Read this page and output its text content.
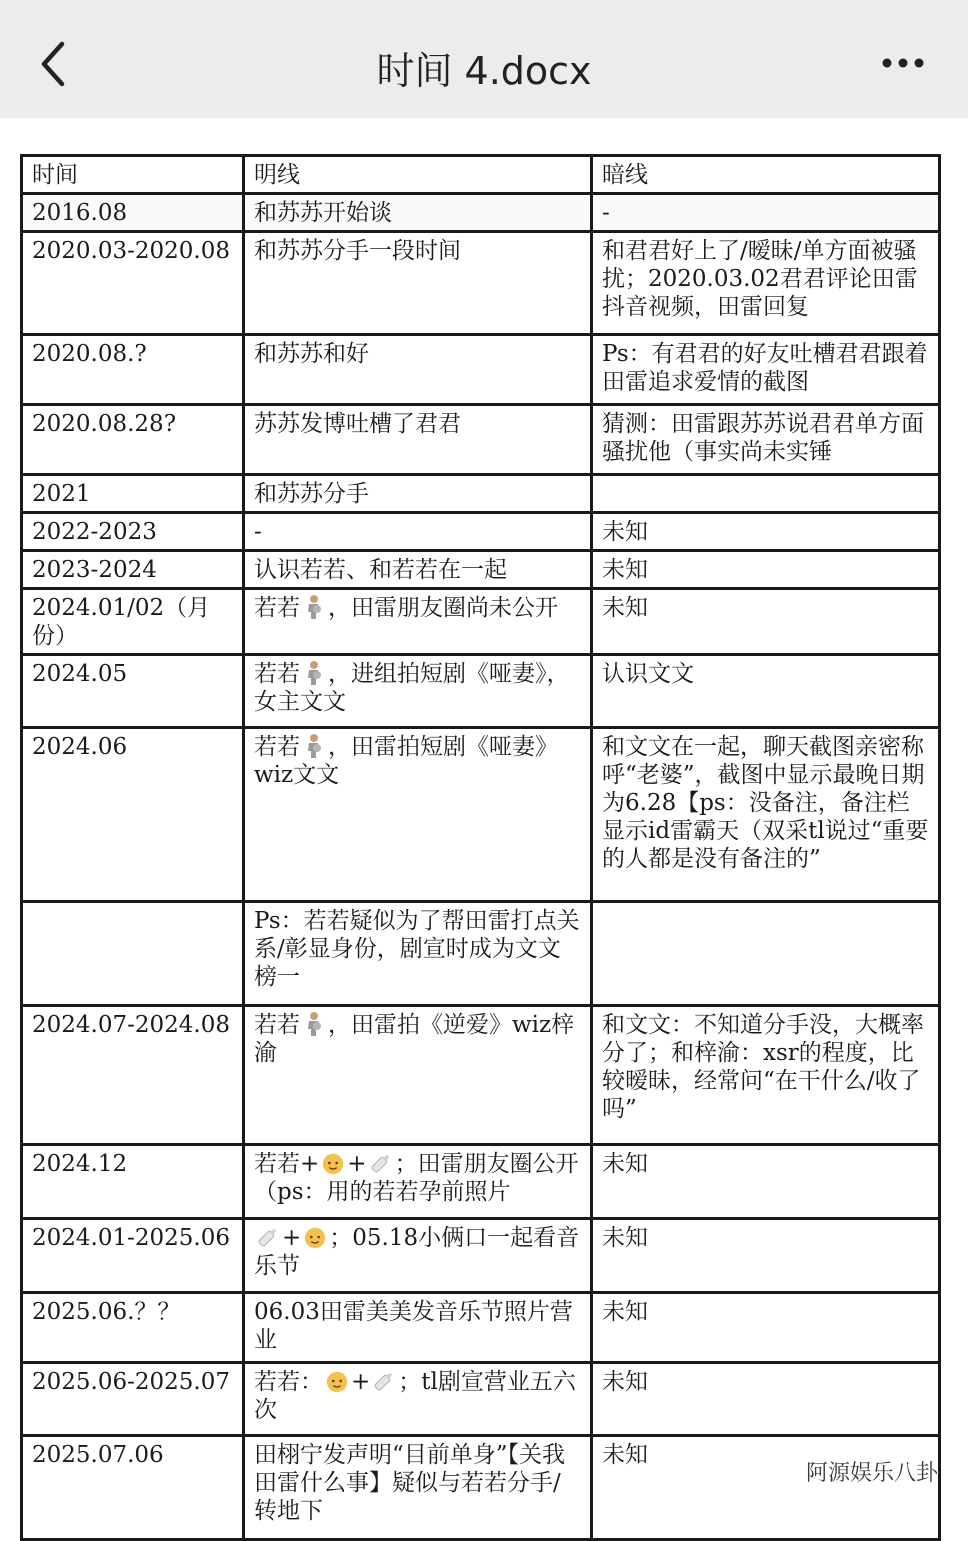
时间 4.docx
时间	明线	暗线
2016.08	和苏苏开始谈	-
2020.03-2020.08	和苏苏分手一段时间	和君君好上了/暧昧/单方面被骚扰；2020.03.02君君评论田雷抖音视频，田雷回复
2020.08.?	和苏苏和好	Ps：有君君的好友吐槽君君跟着田雷追求爱情的截图
2020.08.28?	苏苏发博吐槽了君君	猜测：田雷跟苏苏说君君单方面骚扰他（事实尚未实锤
2021	和苏苏分手	
2022-2023	-	未知
2023-2024	认识若若、和若若在一起	未知
2024.01/02（月份）	若若 ，田雷朋友圈尚未公开	未知
2024.05	若若 ，进组拍短剧《哑妻》，女主文文	认识文文
2024.06	若若 ，田雷拍短剧《哑妻》wiz文文	和文文在一起，聊天截图亲密称呼“老婆”，截图中显示最晚日期为6.28【ps：没备注，备注栏显示id雷霸天（双采tl说过“重要的人都是没有备注的”
	Ps：若若疑似为了帮田雷打点关系/彰显身份，剧宣时成为文文榜一	
2024.07-2024.08	若若 ，田雷拍《逆爱》wiz梓渝	和文文：不知道分手没，大概率分了；和梓渝：xsr的程度，比较暧昧，经常问“在干什么/收了吗”
2024.12	若若+ + ；田雷朋友圈公开（ps：用的若若孕前照片	未知
2024.01-2025.06	+ ；05.18小俩口一起看音乐节	未知
2025.06.？？	06.03田雷美美发音乐节照片营业	未知
2025.06-2025.07	若若： + ；tl剧宣营业五六次	未知
2025.07.06	田栩宁发声明“目前单身”【关我田雷什么事】疑似与若若分手/转地下	未知
阿源娱乐八卦
